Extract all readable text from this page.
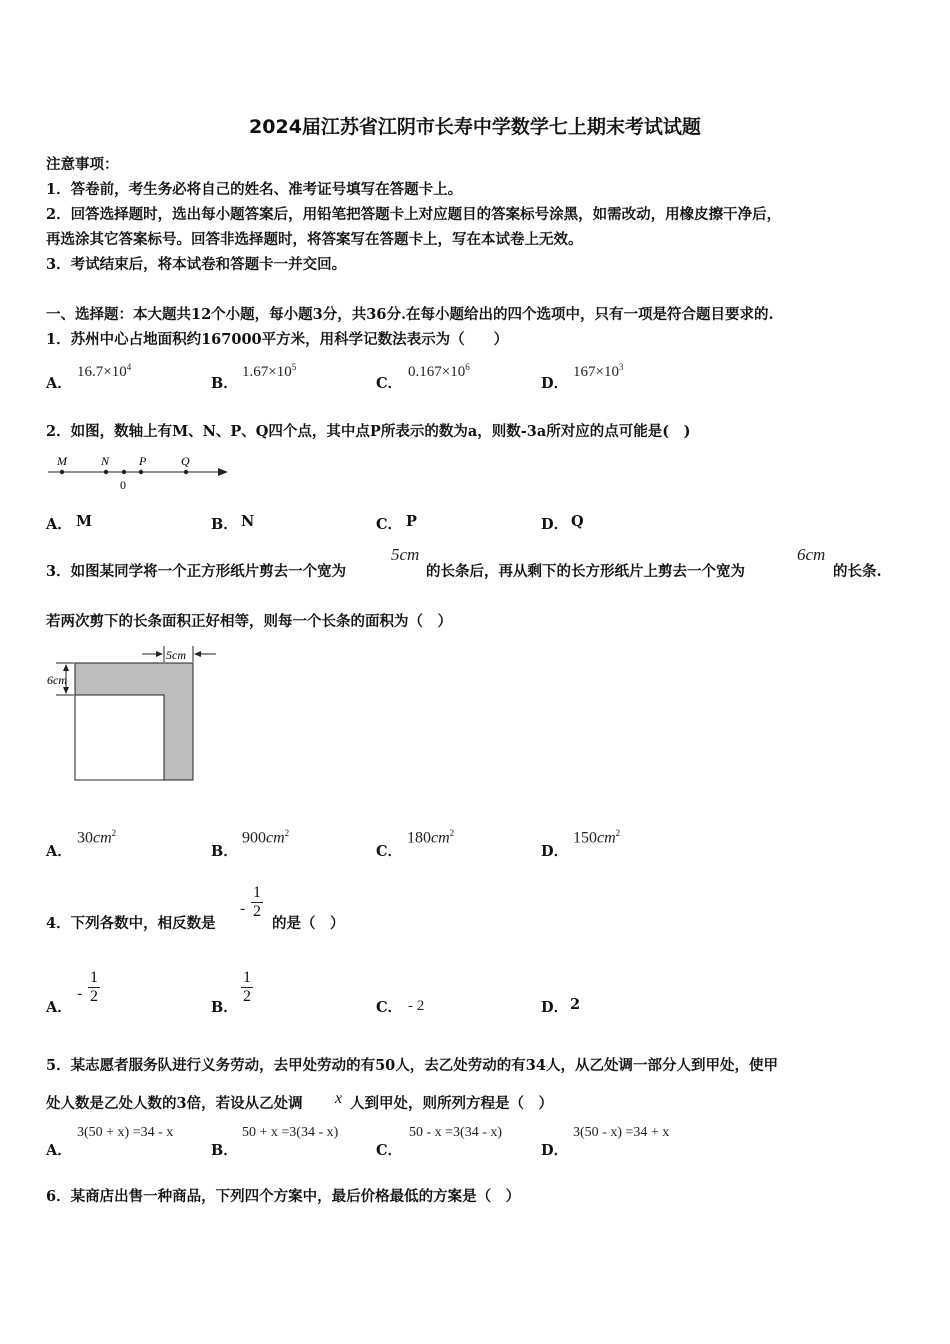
2024届江苏省江阴市长寿中学数学七上期末考试试题
注意事项：
1．答卷前，考生务必将自己的姓名、准考证号填写在答题卡上。
2．回答选择题时，选出每小题答案后，用铅笔把答题卡上对应题目的答案标号涂黑，如需改动，用橡皮擦干净后，
再选涂其它答案标号。回答非选择题时，将答案写在答题卡上，写在本试卷上无效。
3．考试结束后，将本试卷和答题卡一并交回。
一、选择题：本大题共12个小题，每小题3分，共36分.在每小题给出的四个选项中，只有一项是符合题目要求的.
1．苏州中心占地面积约167000平方米，用科学记数法表示为（　　）
A．
$16.7\times 10^4$
B．
$1.67\times 10^5$
C．
$0.167\times 10^6$
D．
$167\times 10^3$
2．如图，数轴上有M、N、P、Q四个点，其中点P所表示的数为a，则数-3a所对应的点可能是(　)
M	N P	Q
0
A． M	B． N	C． P	D． Q
3．如图某同学将一个正方形纸片剪去一个宽为
5cm
的长条后，再从剩下的长方形纸片上剪去一个宽为
6cm
的长条.
若两次剪下的长条面积正好相等，则每一个长条的面积为（　）
5cm
6cm
A．
$30cm^2$
B．
$900cm^2$
C．
$180cm^2$
D．
$150cm^2$
4．下列各数中，相反数是
- $\frac{1}{2}$
的是（　）
A．
- $\frac{1}{2}$
B．
$\frac{1}{2}$
C． - 2	D． 2
5．某志愿者服务队进行义务劳动，去甲处劳动的有50人，去乙处劳动的有34人，从乙处调一部分人到甲处，使甲
处人数是乙处人数的3倍，若设从乙处调 x 人到甲处，则所列方程是（　）
A．
3(50 + x) =34 - x
B．
50 + x =3(34 - x)
C．
50 - x =3(34 - x)
D．
3(50 - x) =34 + x
6．某商店出售一种商品，下列四个方案中，最后价格最低的方案是（　）
